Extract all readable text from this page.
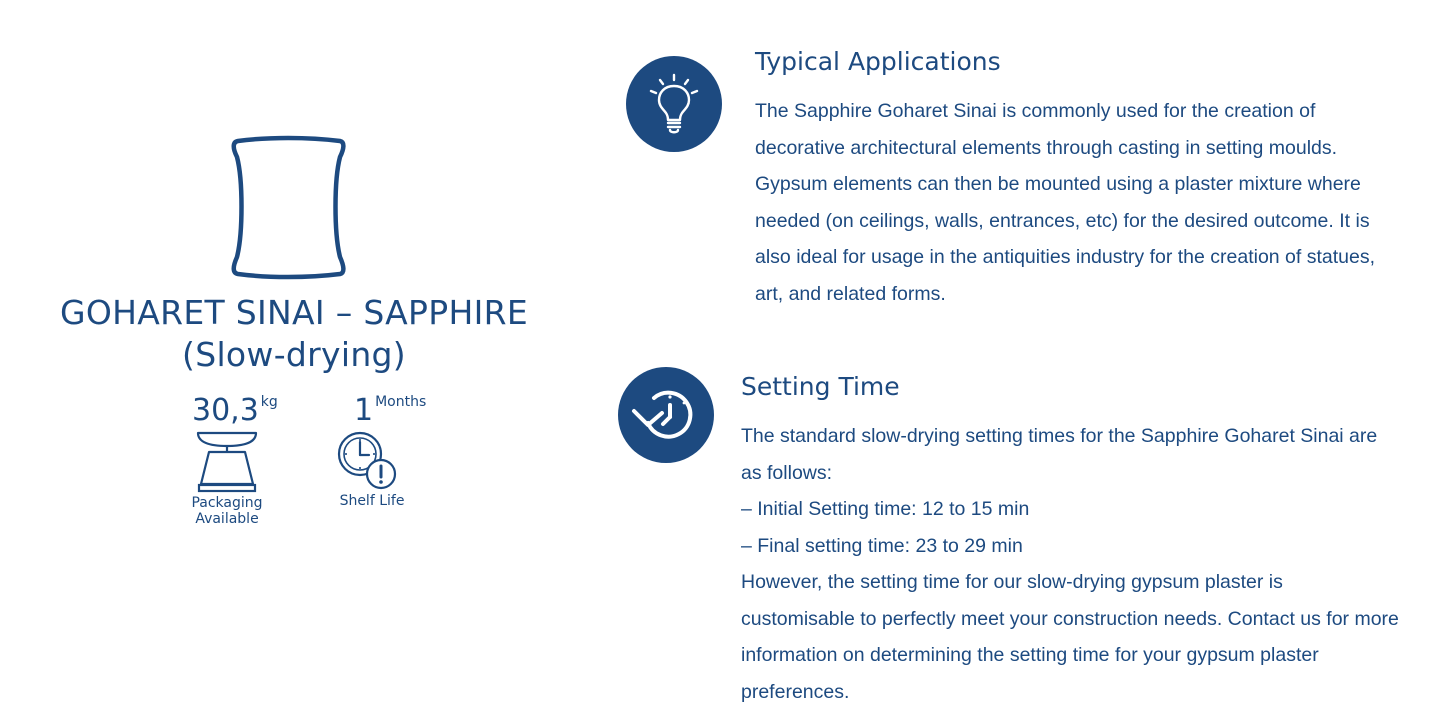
GOHARET SINAI – SAPPHIRE
(Slow-drying)
30,3 kg
Packaging
Available
1 Months
Shelf Life
Typical Applications

The Sapphire Goharet Sinai is commonly used for the creation of decorative architectural elements through casting in setting moulds. Gypsum elements can then be mounted using a plaster mixture where needed (on ceilings, walls, entrances, etc) for the desired outcome. It is also ideal for usage in the antiquities industry for the creation of statues, art, and related forms.

Setting Time

The standard slow-drying setting times for the Sapphire Goharet Sinai are as follows:

– Initial Setting time: 12 to 15 min

– Final setting time: 23 to 29 min

However, the setting time for our slow-drying gypsum plaster is customisable to perfectly meet your construction needs. Contact us for more information on determining the setting time for your gypsum plaster preferences.
